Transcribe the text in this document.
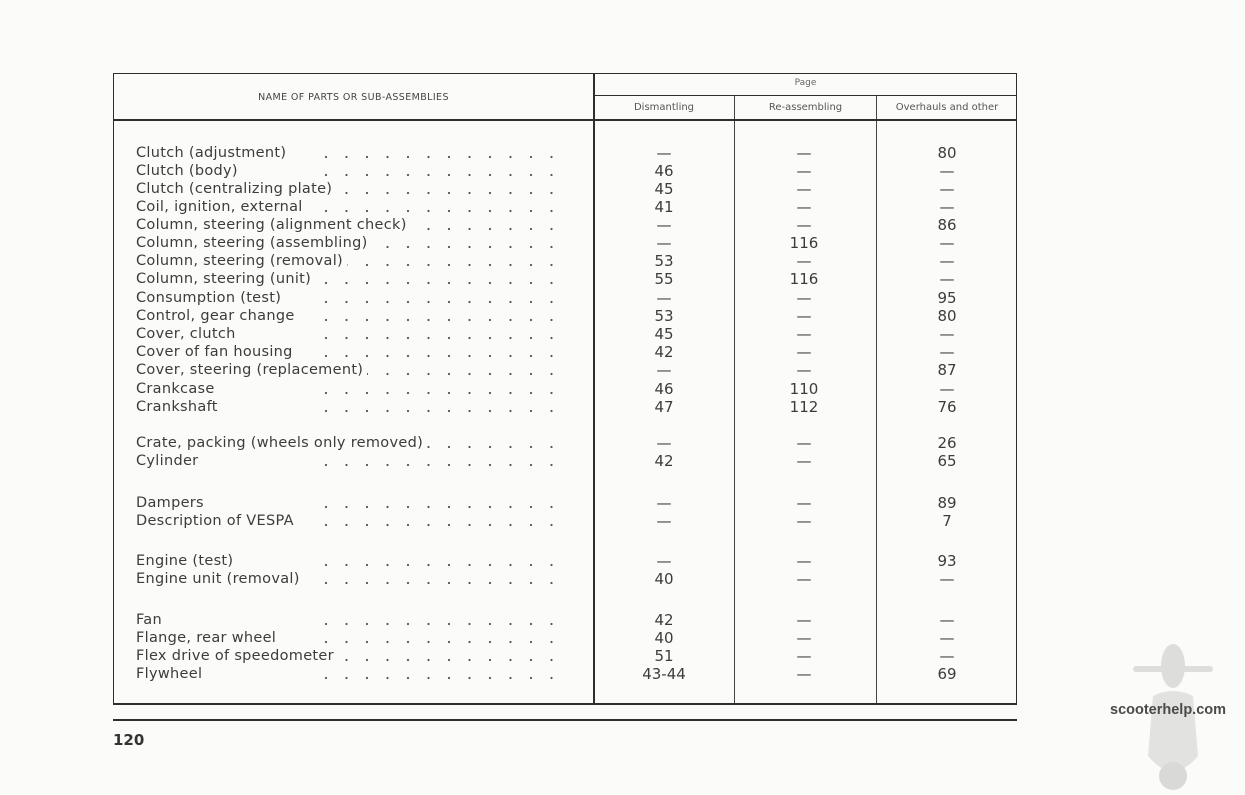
NAME OF PARTS OR SUB-ASSEMBLIES
Page
Dismantling	Re-assembling	Overhauls and other
Clutch (adjustment)	—	—	80
Clutch (body)	46	—	—
Clutch (centralizing plate)	45	—	—
Coil, ignition, external	41	—	—
Column, steering (alignment check)	—	—	86
Column, steering (assembling)	—	116	—
Column, steering (removal)	53	—	—
Column, steering (unit)	55	116	—
Consumption (test)	—	—	95
Control, gear change	53	—	80
Cover, clutch	45	—	—
Cover of fan housing	42	—	—
Cover, steering (replacement)	—	—	87
Crankcase	46	110	—
Crankshaft	47	112	76
Crate, packing (wheels only removed)	—	—	26
Cylinder	42	—	65
Dampers	—	—	89
Description of VESPA	—	—	7
Engine (test)	—	—	93
Engine unit (removal)	40	—	—
Fan	42	—	—
Flange, rear wheel	40	—	—
Flex drive of speedometer	51	—	—
Flywheel	43-44	—	69
120
scooterhelp.com
